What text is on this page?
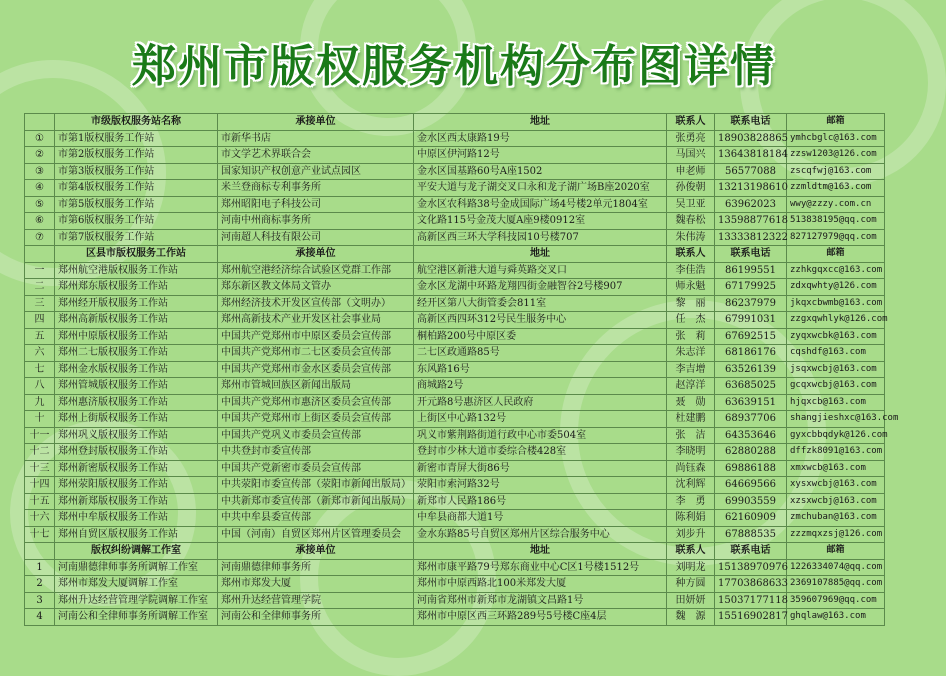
郑州市版权服务机构分布图详情
	市级版权服务站名称	承接单位	地址	联系人	联系电话	邮箱
①	市第1版权服务工作站	市新华书店	金水区西太康路19号	张勇亮	18903828865	ymhcbglc@163.com
②	市第2版权服务工作站	市文学艺术界联合会	中原区伊河路12号	马国兴	13643818184	zzsw1203@126.com
③	市第3版权服务工作站	国家知识产权创意产业试点园区	金水区国基路60号A座1502	申老师	56577088	zscqfwj@163.com
④	市第4版权服务工作站	米兰登商标专利事务所	平安大道与龙子湖交叉口永和龙子湖广场B座2020室	孙俊朝	13213198610	zzmldtm@163.com
⑤	市第5版权服务工作站	郑州昭阳电子科技公司	金水区农科路38号金成国际广场4号楼2单元1804室	吴卫亚	63962023	wwy@zzzy.com.cn
⑥	市第6版权服务工作站	河南中州商标事务所	文化路115号金茂大厦A座9楼0912室	魏春松	13598877618	513838195@qq.com
⑦	市第7版权服务工作站	河南超人科技有限公司	高新区西三环大学科技园10号楼707	朱伟涛	13333812322	827127979@qq.com
	区县市版权服务工作站	承接单位	地址	联系人	联系电话	邮箱
一	郑州航空港版权服务工作站	郑州航空港经济综合试验区党群工作部	航空港区新港大道与舜英路交叉口	李佳浩	86199551	zzhkgqxcc@163.com
二	郑州郑东版权服务工作站	郑东新区教文体局文管办	金水区龙湖中环路龙翔四街金融智谷2号楼907	师永魁	67179925	zdxqwhty@126.com
三	郑州经开版权服务工作站	郑州经济技术开发区宣传部（文明办）	经开区第八大街管委会811室	黎　丽	86237979	jkqxcbwmb@163.com
四	郑州高新版权服务工作站	郑州高新技术产业开发区社会事业局	高新区西四环312号民生服务中心	任　杰	67991031	zzgxqwhlyk@126.com
五	郑州中原版权服务工作站	中国共产党郑州市中原区委员会宣传部	桐柏路200号中原区委	张　莉	67692515	zyqxwcbk@163.com
六	郑州二七版权服务工作站	中国共产党郑州市二七区委员会宣传部	二七区政通路85号	朱志洋	68186176	cqshdf@163.com
七	郑州金水版权服务工作站	中国共产党郑州市金水区委员会宣传部	东风路16号	李吉增	63526139	jsqxwcbj@163.com
八	郑州管城版权服务工作站	郑州市管城回族区新闻出版局	商城路2号	赵淳洋	63685025	gcqxwcbj@163.com
九	郑州惠济版权服务工作站	中国共产党郑州市惠济区委员会宣传部	开元路8号惠济区人民政府	聂　勋	63639151	hjqxcb@163.com
十	郑州上街版权服务工作站	中国共产党郑州市上街区委员会宣传部	上街区中心路132号	杜建鹏	68937706	shangjieshxc@163.com
十一	郑州巩义版权服务工作站	中国共产党巩义市委员会宣传部	巩义市紫荆路街道行政中心市委504室	张　洁	64353646	gyxcbbqdyk@126.com
十二	郑州登封版权服务工作站	中共登封市委宣传部	登封市少林大道市委综合楼428室	李晓明	62880288	dffzk8091@163.com
十三	郑州新密版权服务工作站	中国共产党新密市委员会宣传部	新密市青屏大街86号	尚钰森	69886188	xmxwcb@163.com
十四	郑州荥阳版权服务工作站	中共荥阳市委宣传部（荥阳市新闻出版局）	荥阳市索河路32号	沈利辉	64669566	xysxwcbj@163.com
十五	郑州新郑版权服务工作站	中共新郑市委宣传部（新郑市新闻出版局）	新郑市人民路186号	李　勇	69903559	xzsxwcbj@163.com
十六	郑州中牟版权服务工作站	中共中牟县委宣传部	中牟县商都大道1号	陈利娟	62160909	zmchuban@163.com
十七	郑州自贸区版权服务工作站	中国（河南）自贸区郑州片区管理委员会	金水东路85号自贸区郑州片区综合服务中心	刘步升	67888535	zzzmqxzsj@126.com
	版权纠纷调解工作室	承接单位	地址	联系人	联系电话	邮箱
1	河南鼎德律师事务所调解工作室	河南鼎德律师事务所	郑州市康平路79号郑东商业中心C区1号楼1512号	刘明龙	15138970976	1226334074@qq.com
2	郑州市郑发大厦调解工作室	郑州市郑发大厦	郑州市中原西路北100米郑发大厦	种方圆	17703868633	2369107885@qq.com
3	郑州升达经营管理学院调解工作室	郑州升达经营管理学院	河南省郑州市新郑市龙湖镇文昌路1号	田妍妍	15037177118	359607969@qq.com
4	河南公和全律师事务所调解工作室	河南公和全律师事务所	郑州市中原区西三环路289号5号楼C座4层	魏　源	15516902817	ghqlaw@163.com
